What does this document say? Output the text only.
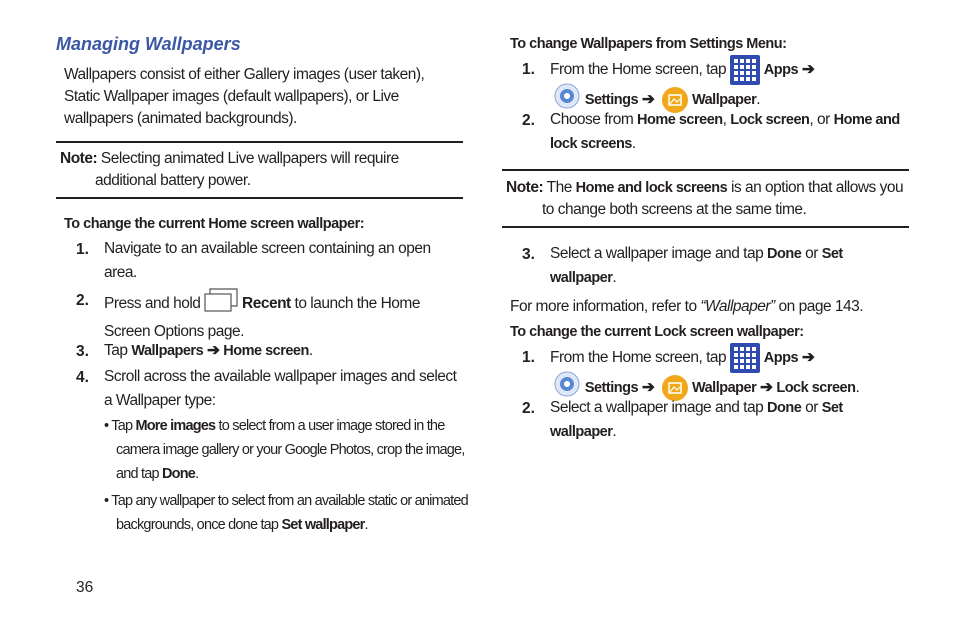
Managing Wallpapers
Wallpapers consist of either Gallery images (user taken),
Static Wallpaper images (default wallpapers), or Live
wallpapers (animated backgrounds).
Note: Selecting animated Live wallpapers will require
additional battery power.
To change the current Home screen wallpaper:
1. Navigate to an available screen containing an open
area.
2. Press and hold	Recent to launch the Home
Screen Options page.
3. Tap Wallpapers ➔ Home screen.
4. Scroll across the available wallpaper images and select
a Wallpaper type:
• Tap More images to select from a user image stored in the
camera image gallery or your Google Photos, crop the image,
and tap Done.
• Tap any wallpaper to select from an available static or animated
backgrounds, once done tap Set wallpaper.
36
To change Wallpapers from Settings Menu:
1. From the Home screen, tap	Apps ➔
Settings ➔	Wallpaper.
2. Choose from Home screen, Lock screen, or Home and
lock screens.
Note: The Home and lock screens is an option that allows you
to change both screens at the same time.
3. Select a wallpaper image and tap Done or Set
wallpaper.
For more information, refer to “Wallpaper” on page 143.
To change the current Lock screen wallpaper:
1. From the Home screen, tap	Apps ➔
Settings ➔	Wallpaper ➔ Lock screen.
2. Select a wallpaper image and tap Done or Set
wallpaper.
